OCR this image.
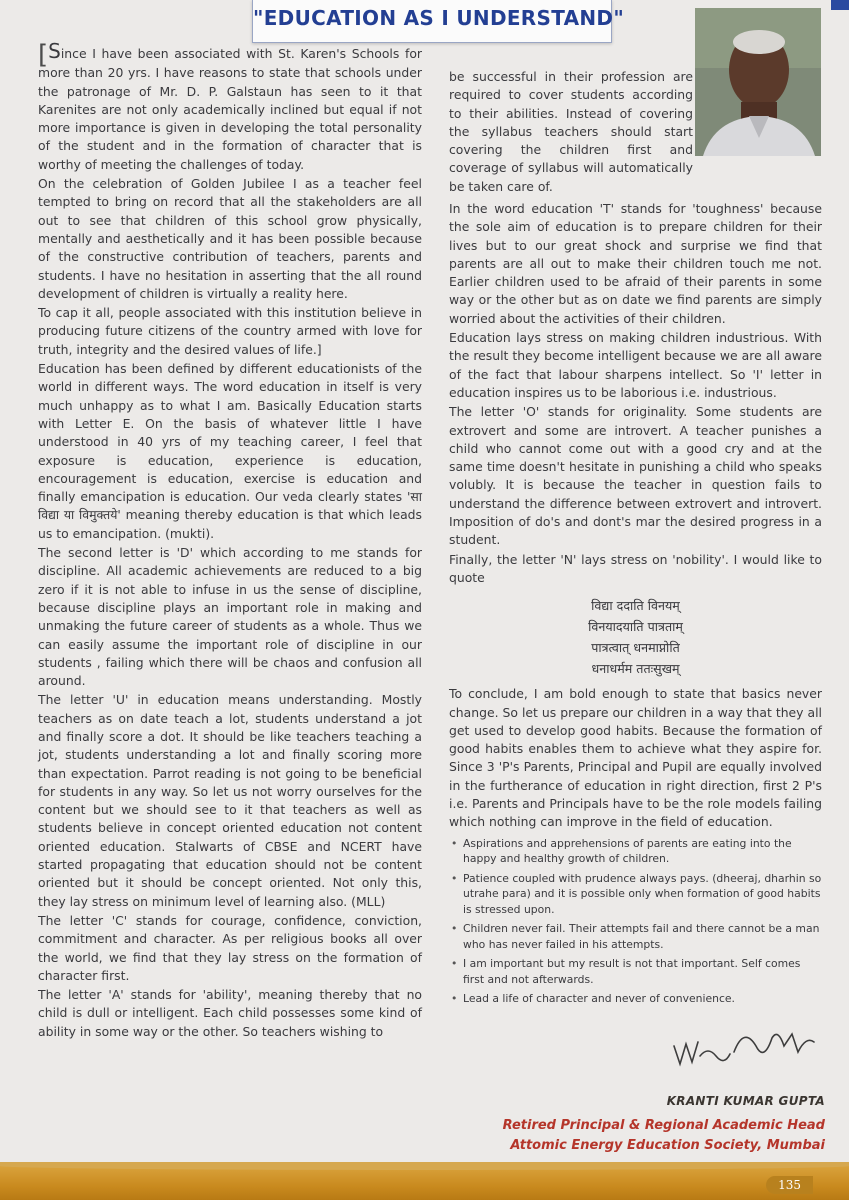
"EDUCATION AS I UNDERSTAND"

[Since I have been associated with St. Karen's Schools for more than 20 yrs. I have reasons to state that schools under the patronage of Mr. D. P. Galstaun has seen to it that Karenites are not only academically inclined but equal if not more importance is given in developing the total personality of the student and in the formation of character that is worthy of meeting the challenges of today.

On the celebration of Golden Jubilee I as a teacher feel tempted to bring on record that all the stakeholders are all out to see that children of this school grow physically, mentally and aesthetically and it has been possible because of the constructive contribution of teachers, parents and students. I have no hesitation in asserting that the all round development of children is virtually a reality here.

To cap it all, people associated with this institution believe in producing future citizens of the country armed with love for truth, integrity and the desired values of life.]

Education has been defined by different educationists of the world in different ways. The word education in itself is very much unhappy as to what I am. Basically Education starts with Letter E. On the basis of whatever little I have understood in 40 yrs of my teaching career, I feel that exposure is education, experience is education, encouragement is education, exercise is education and finally emancipation is education. Our veda clearly states 'सा विद्या या विमुक्तये' meaning thereby education is that which leads us to emancipation. (mukti).

The second letter is 'D' which according to me stands for discipline. All academic achievements are reduced to a big zero if it is not able to infuse in us the sense of discipline, because discipline plays an important role in making and unmaking the future career of students as a whole. Thus we can easily assume the important role of discipline in our students , failing which there will be chaos and confusion all around.

The letter 'U' in education means understanding. Mostly teachers as on date teach a lot, students understand a jot and finally score a dot. It should be like teachers teaching a jot, students understanding a lot and finally scoring more than expectation. Parrot reading is not going to be beneficial for students in any way. So let us not worry ourselves for the content but we should see to it that teachers as well as students believe in concept oriented education not content oriented education. Stalwarts of CBSE and NCERT have started propagating that education should not be content oriented but it should be concept oriented. Not only this, they lay stress on minimum level of learning also. (MLL)

The letter 'C' stands for courage, confidence, conviction, commitment and character. As per religious books all over the world, we find that they lay stress on the formation of character first.

The letter 'A' stands for 'ability', meaning thereby that no child is dull or intelligent. Each child possesses some kind of ability in some way or the other. So teachers wishing to

be successful in their profession are required to cover students according to their abilities. Instead of covering the syllabus teachers should start covering the children first and coverage of syllabus will automatically be taken care of.

In the word education 'T' stands for 'toughness' because the sole aim of education is to prepare children for their lives but to our great shock and surprise we find that parents are all out to make their children touch me not. Earlier children used to be afraid of their parents in some way or the other but as on date we find parents are simply worried about the activities of their children.

Education lays stress on making children industrious. With the result they become intelligent because we are all aware of the fact that labour sharpens intellect. So 'I' letter in education inspires us to be laborious i.e. industrious.

The letter 'O' stands for originality. Some students are extrovert and some are introvert. A teacher punishes a child who cannot come out with a good cry and at the same time doesn't hesitate in punishing a child who speaks volubly. It is because the teacher in question fails to understand the difference between extrovert and introvert. Imposition of do's and dont's mar the desired progress in a student.

Finally, the letter 'N' lays stress on 'nobility'. I would like to quote

विद्या ददाति विनयम्
विनयादयाति पात्रताम्
पात्रत्वात् धनमाप्नोति
धनाधर्मम ततःसुखम्

To conclude, I am bold enough to state that basics never change. So let us prepare our children in a way that they all get used to develop good habits. Because the formation of good habits enables them to achieve what they aspire for. Since 3 'P's Parents, Principal and Pupil are equally involved in the furtherance of education in right direction, first 2 P's i.e. Parents and Principals have to be the role models failing which nothing can improve in the field of education.

• Aspirations and apprehensions of parents are eating into the happy and healthy growth of children.
• Patience coupled with prudence always pays. (dheeraj, dharhin so utrahe para) and it is possible only when formation of good habits is stressed upon.
• Children never fail. Their attempts fail and there cannot be a man who has never failed in his attempts.
• I am important but my result is not that important. Self comes first and not afterwards.
• Lead a life of character and never of convenience.
KRANTI KUMAR GUPTA
Retired Principal & Regional Academic Head
Attomic Energy Education Society, Mumbai
135
